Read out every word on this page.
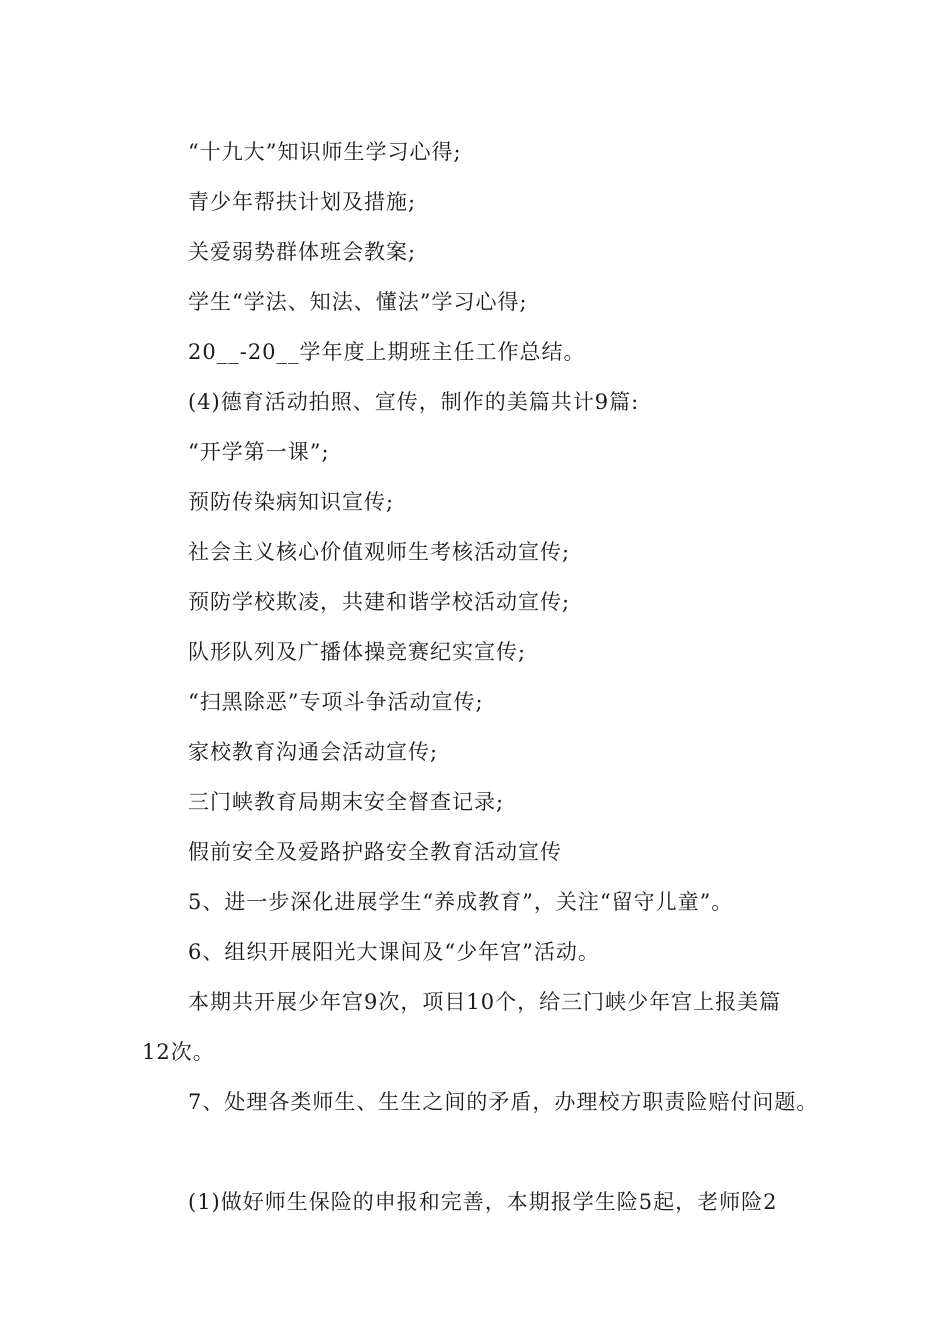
“十九大”知识师生学习心得;
青少年帮扶计划及措施;
关爱弱势群体班会教案;
学生“学法、知法、懂法”学习心得;
20__-20__学年度上期班主任工作总结。
(4)德育活动拍照、宣传，制作的美篇共计9篇:
“开学第一课”;
预防传染病知识宣传;
社会主义核心价值观师生考核活动宣传;
预防学校欺凌，共建和谐学校活动宣传;
队形队列及广播体操竞赛纪实宣传;
“扫黑除恶”专项斗争活动宣传;
家校教育沟通会活动宣传;
三门峡教育局期末安全督查记录;
假前安全及爱路护路安全教育活动宣传
5、进一步深化进展学生“养成教育”，关注“留守儿童”。
6、组织开展阳光大课间及“少年宫”活动。
本期共开展少年宫9次，项目10个，给三门峡少年宫上报美篇
12次。
7、处理各类师生、生生之间的矛盾，办理校方职责险赔付问题。
(1)做好师生保险的申报和完善，本期报学生险5起，老师险2
